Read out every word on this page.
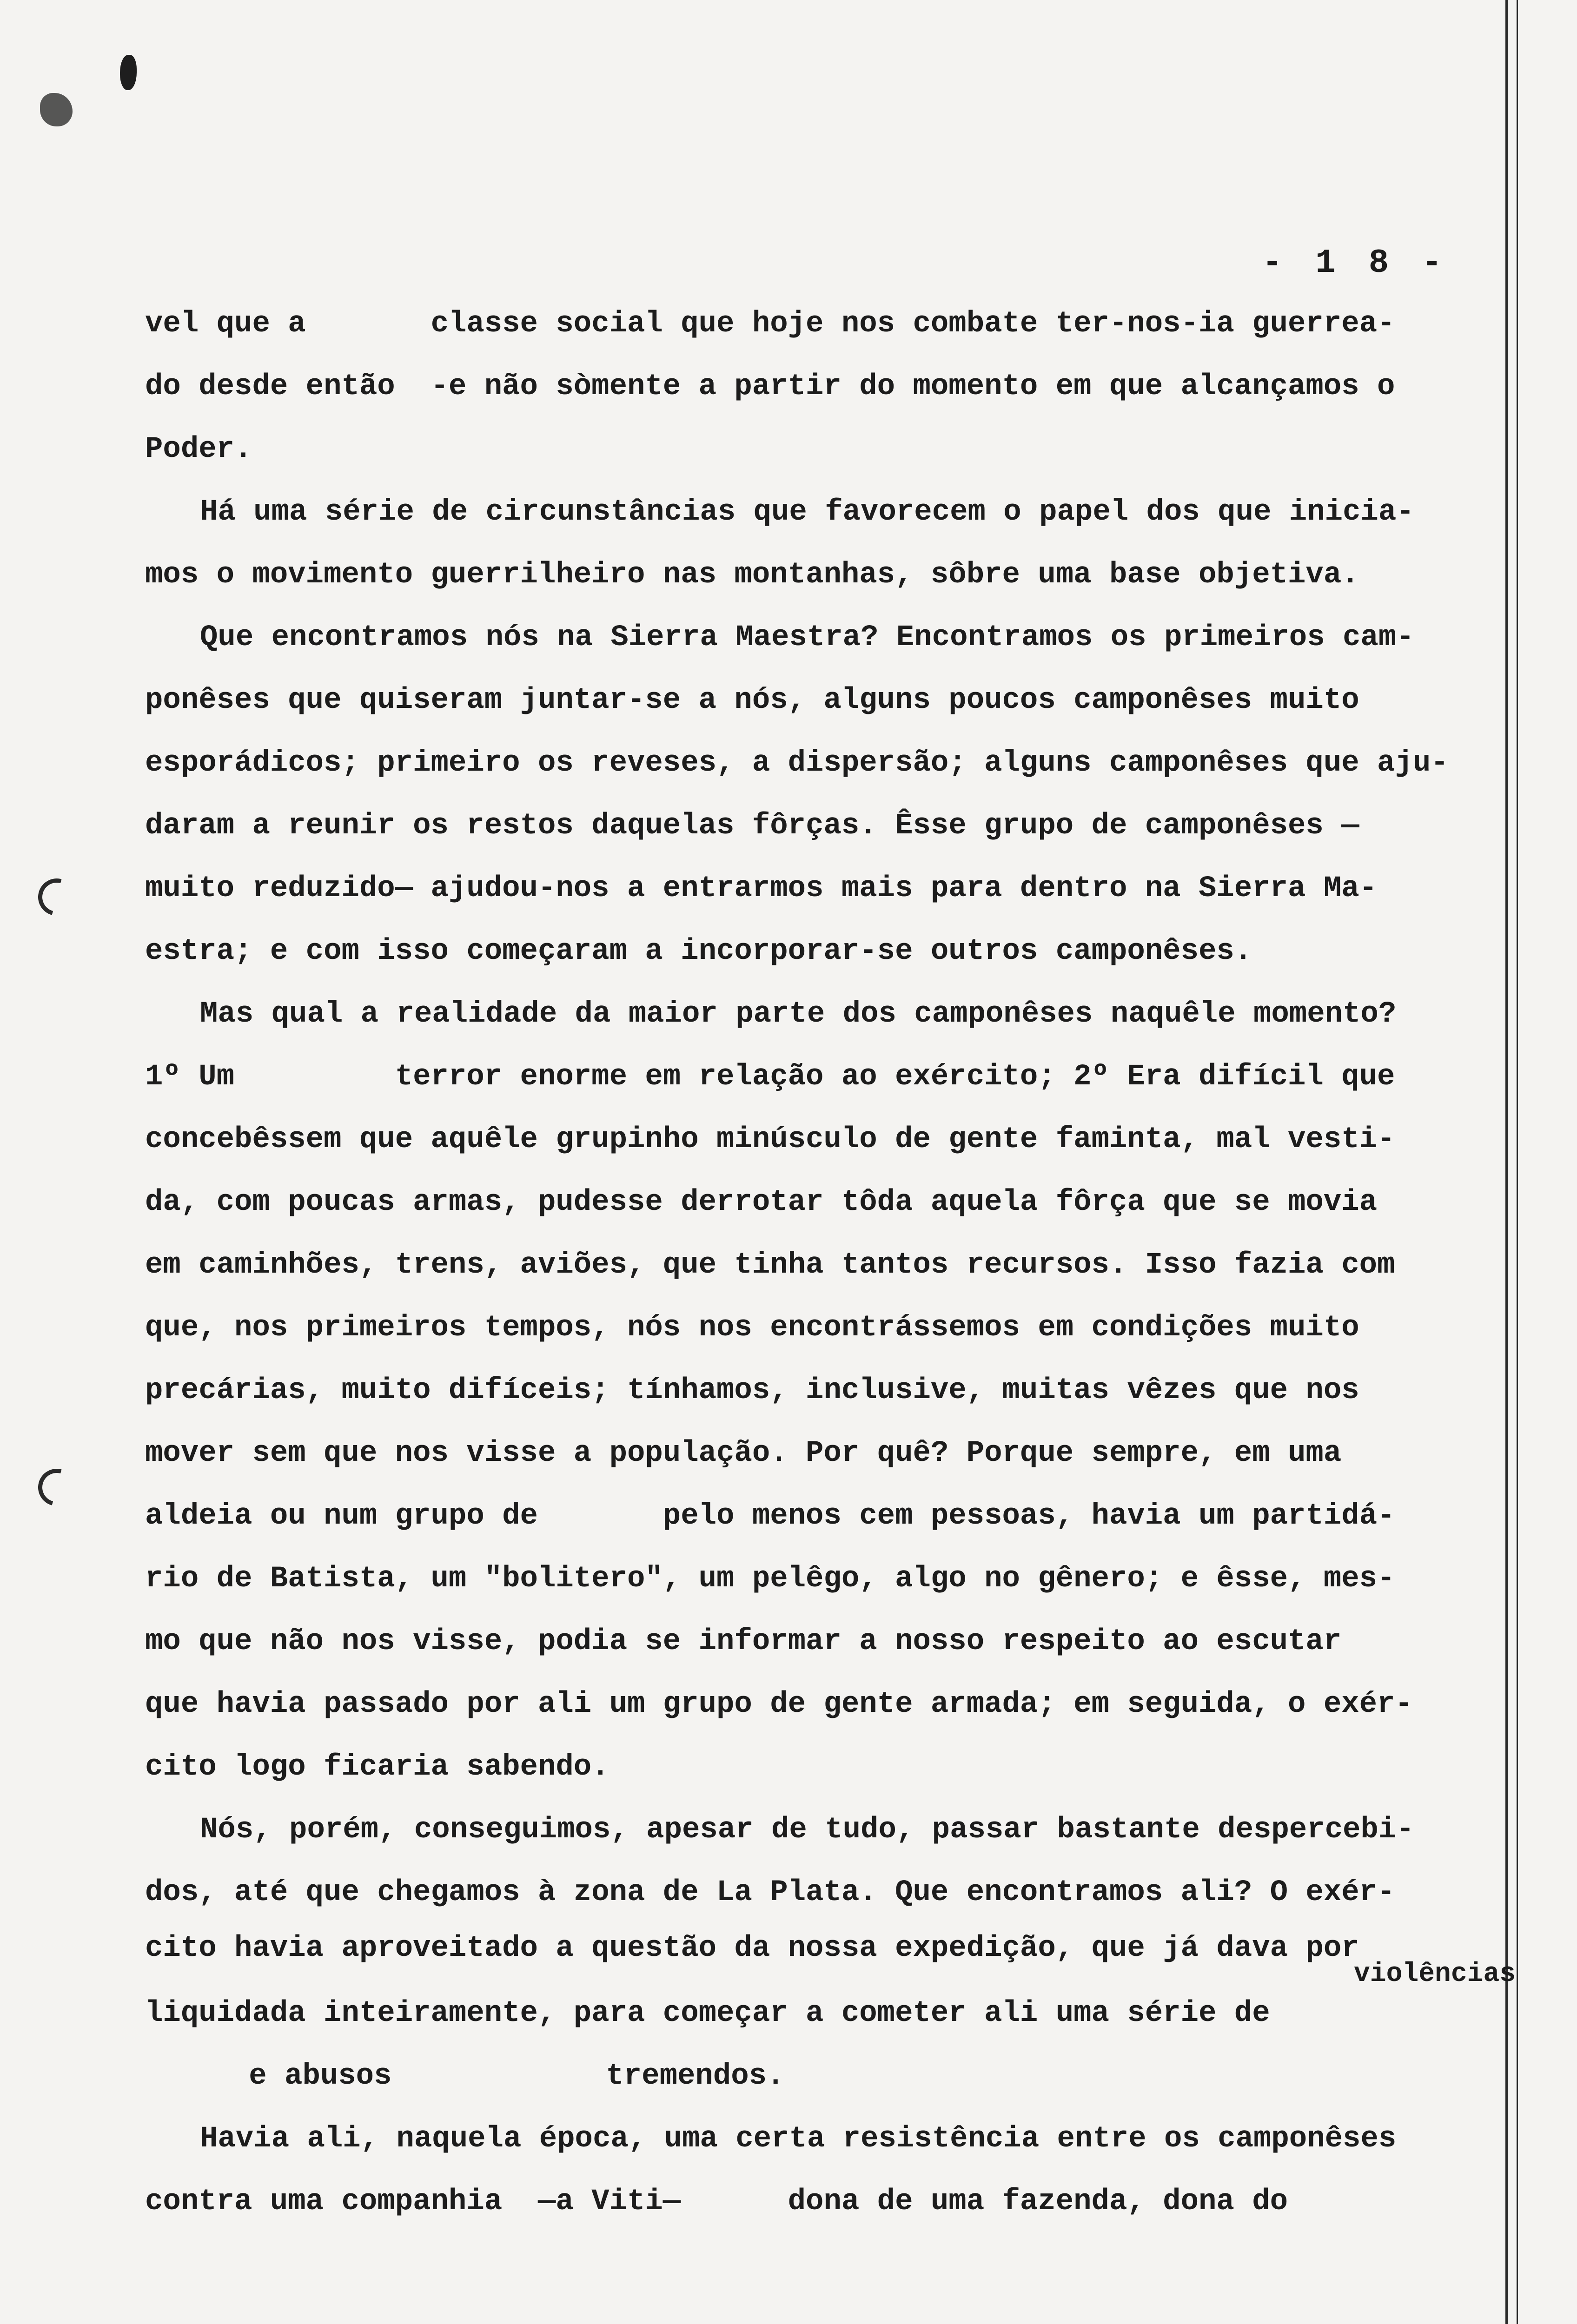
- 1 8 -
vel que a       classe social que hoje nos combate ter-nos-ia guerrea-
do desde então  -e não sòmente a partir do momento em que alcançamos o
Poder.
Há uma série de circunstâncias que favorecem o papel dos que inicia-
mos o movimento guerrilheiro nas montanhas, sôbre uma base objetiva.
Que encontramos nós na Sierra Maestra? Encontramos os primeiros cam-
ponêses que quiseram juntar-se a nós, alguns poucos camponêses muito
esporádicos; primeiro os reveses, a dispersão; alguns camponêses que aju-
daram a reunir os restos daquelas fôrças. Êsse grupo de camponêses —
muito reduzido— ajudou-nos a entrarmos mais para dentro na Sierra Ma-
estra; e com isso começaram a incorporar-se outros camponêses.
Mas qual a realidade da maior parte dos camponêses naquêle momento?
1º Um         terror enorme em relação ao exército; 2º Era difícil que
concebêssem que aquêle grupinho minúsculo de gente faminta, mal vesti-
da, com poucas armas, pudesse derrotar tôda aquela fôrça que se movia
em caminhões, trens, aviões, que tinha tantos recursos. Isso fazia com
que, nos primeiros tempos, nós nos encontrássemos em condições muito
precárias, muito difíceis; tínhamos, inclusive, muitas vêzes que nos
mover sem que nos visse a população. Por quê? Porque sempre, em uma
aldeia ou num grupo de       pelo menos cem pessoas, havia um partidá-
rio de Batista, um "bolitero", um pelêgo, algo no gênero; e êsse, mes-
mo que não nos visse, podia se informar a nosso respeito ao escutar
que havia passado por ali um grupo de gente armada; em seguida, o exér-
cito logo ficaria sabendo.
Nós, porém, conseguimos, apesar de tudo, passar bastante despercebi-
dos, até que chegamos à zona de La Plata. Que encontramos ali? O exér-
cito havia aproveitado a questão da nossa expedição, que já dava por
liquidada inteiramente, para começar a cometer ali uma série de
e abusos            tremendos.
Havia ali, naquela época, uma certa resistência entre os camponêses
contra uma companhia  —a Viti—      dona de uma fazenda, dona do
violências
